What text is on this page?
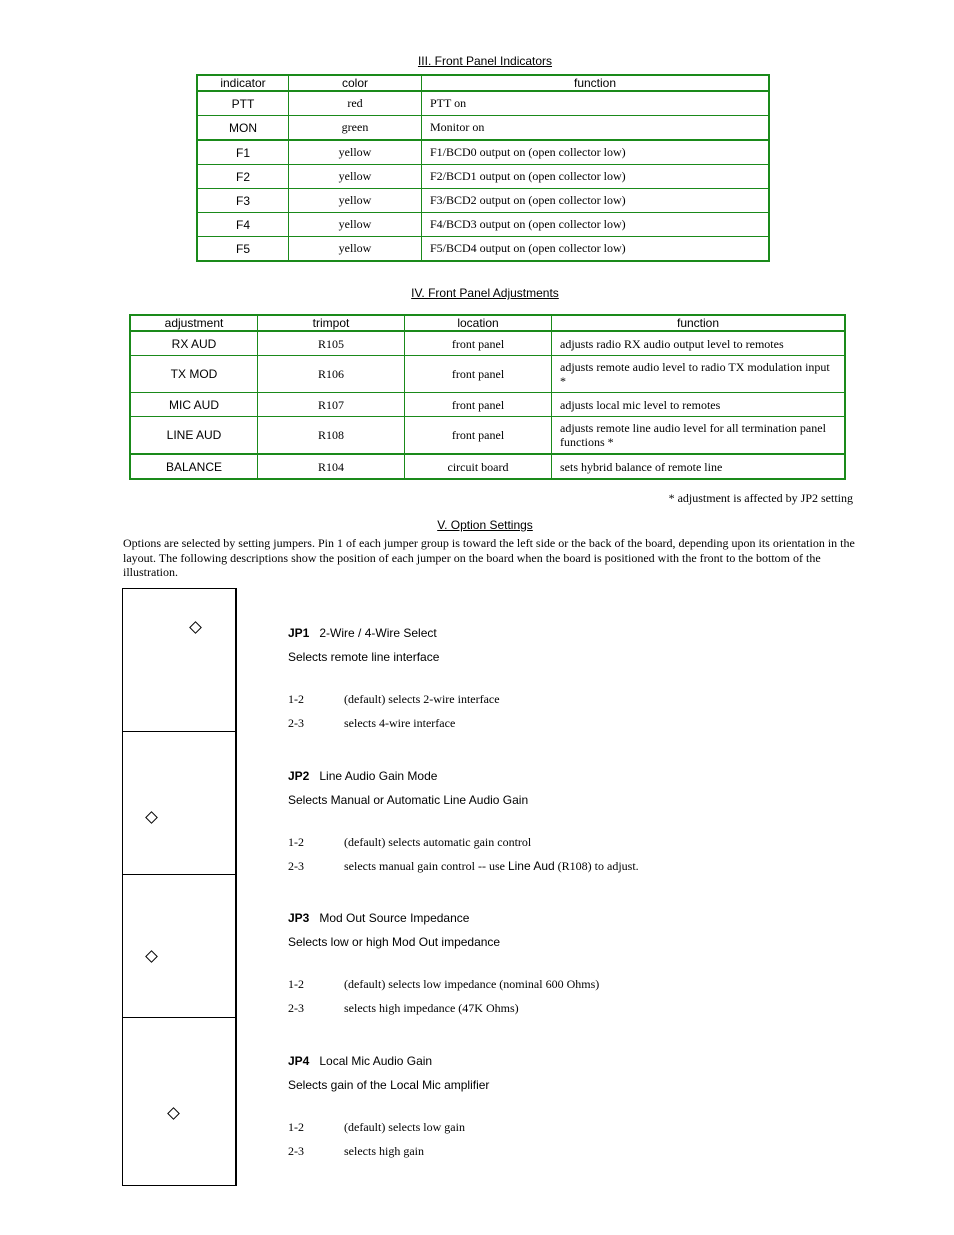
III. Front Panel Indicators
indicator	color	function
PTT	red	PTT on
MON	green	Monitor on
F1	yellow	F1/BCD0 output on (open collector low)
F2	yellow	F2/BCD1 output on (open collector low)
F3	yellow	F3/BCD2 output on (open collector low)
F4	yellow	F4/BCD3 output on (open collector low)
F5	yellow	F5/BCD4 output on (open collector low)
IV. Front Panel Adjustments
adjustment	trimpot	location	function
RX AUD	R105	front panel	adjusts radio RX audio output level to remotes
TX MOD	R106	front panel	adjusts remote audio level to radio TX modulation input *
MIC AUD	R107	front panel	adjusts local mic level to remotes
LINE AUD	R108	front panel	adjusts remote line audio level for all termination panel functions *
BALANCE	R104	circuit board	sets hybrid balance of remote line
* adjustment is affected by JP2 setting
V. Option Settings
Options are selected by setting jumpers. Pin 1 of each jumper group is toward the left side or the back of the board, depending upon its orientation in the layout. The following descriptions show the position of each jumper on the board when the board is positioned with the front to the bottom of the illustration.
JP1 2-Wire / 4-Wire Select
Selects remote line interface
1-2	(default) selects 2-wire interface
2-3	selects 4-wire interface
JP2 Line Audio Gain Mode
Selects Manual or Automatic Line Audio Gain
1-2	(default) selects automatic gain control
2-3	selects manual gain control -- use Line Aud (R108) to adjust.
JP3 Mod Out Source Impedance
Selects low or high Mod Out impedance
1-2	(default) selects low impedance (nominal 600 Ohms)
2-3	selects high impedance (47K Ohms)
JP4 Local Mic Audio Gain
Selects gain of the Local Mic amplifier
1-2	(default) selects low gain
2-3	selects high gain
